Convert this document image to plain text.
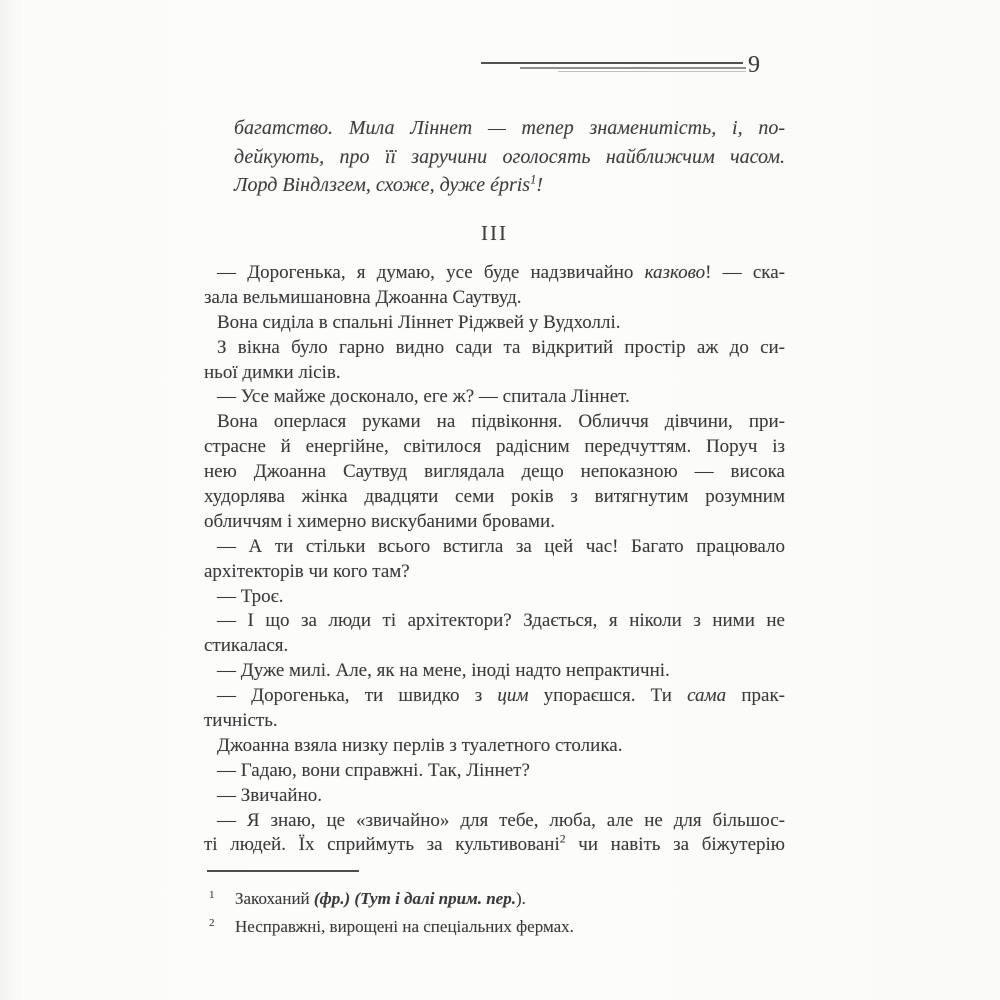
9
багатство. Мила Ліннет — тепер знаменитість, і, по-
дейкують, про її заручини оголосять найближчим часом.
Лорд Віндлзгем, схоже, дуже épris$^1$!
III
— Дорогенька, я думаю, усе буде надзвичайно казково! — ска-
зала вельмишановна Джоанна Саутвуд.
Вона сиділа в спальні Ліннет Ріджвей у Вудхоллі.
З вікна було гарно видно сади та відкритий простір аж до си-
ньої димки лісів.
— Усе майже досконало, еге ж? — спитала Ліннет.
Вона оперлася руками на підвіконня. Обличчя дівчини, при-
страсне й енергійне, світилося радісним передчуттям. Поруч із
нею Джоанна Саутвуд виглядала дещо непоказною — висока
худорлява жінка двадцяти семи років з витягнутим розумним
обличчям і химерно вискубаними бровами.
— А ти стільки всього встигла за цей час! Багато працювало
архітекторів чи кого там?
— Троє.
— І що за люди ті архітектори? Здається, я ніколи з ними не
стикалася.
— Дуже милі. Але, як на мене, іноді надто непрактичні.
— Дорогенька, ти швидко з цим упораєшся. Ти сама прак-
тичність.
Джоанна взяла низку перлів з туалетного столика.
— Гадаю, вони справжні. Так, Ліннет?
— Звичайно.
— Я знаю, це «звичайно» для тебе, люба, але не для більшос-
ті людей. Їх сприймуть за культивовані$^2$ чи навіть за біжутерію
1 Закоханий (фр.) (Тут і далі прим. пер.).
2 Несправжні, вирощені на спеціальних фермах.
